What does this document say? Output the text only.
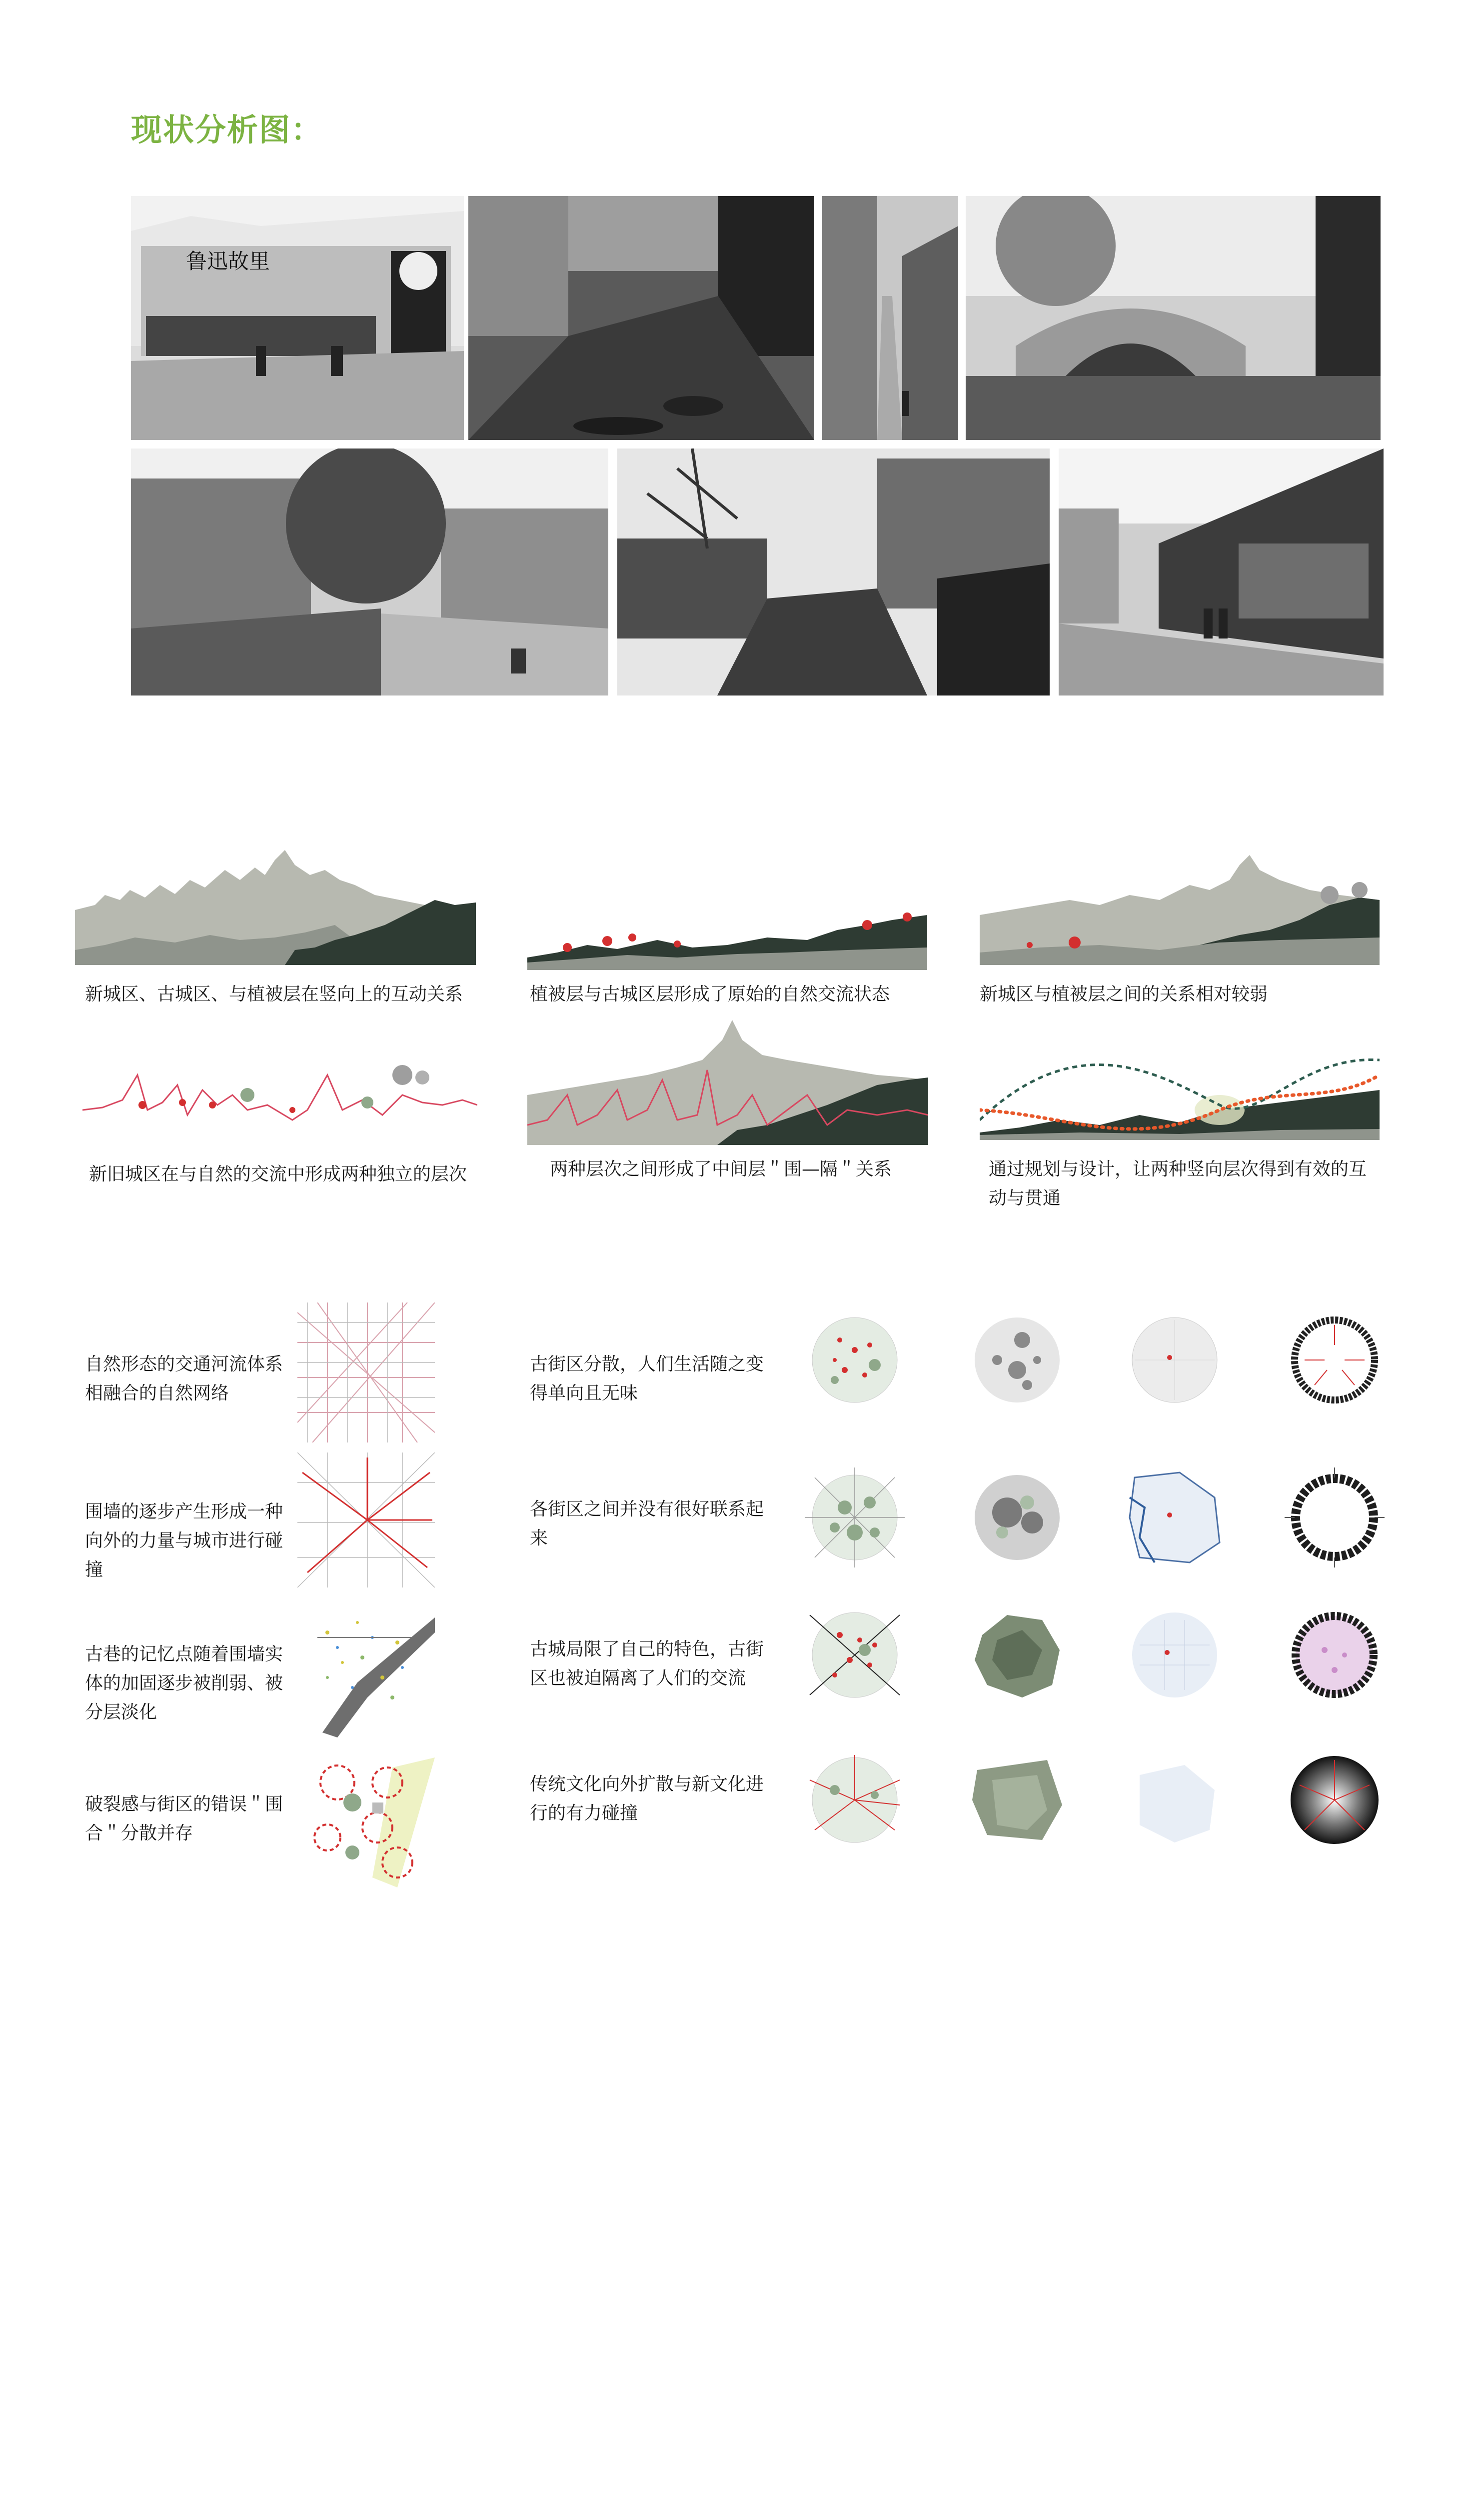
现状分析图：
鲁迅故里
新城区、古城区、与植被层在竖向上的互动关系	植被层与古城区层形成了原始的自然交流状态	新城区与植被层之间的关系相对较弱
新旧城区在与自然的交流中形成两种独立的层次	两种层次之间形成了中间层＂围—隔＂关系	通过规划与设计，让两种竖向层次得到有效的互动与贯通
自然形态的交通河流体系相融合的自然网络
围墙的逐步产生形成一种向外的力量与城市进行碰撞
古巷的记忆点随着围墙实体的加固逐步被削弱、被分层淡化
破裂感与街区的错误＂围合＂分散并存
古街区分散，人们生活随之变得单向且无味
各街区之间并没有很好联系起来
古城局限了自己的特色，古街区也被迫隔离了人们的交流
传统文化向外扩散与新文化进行的有力碰撞
